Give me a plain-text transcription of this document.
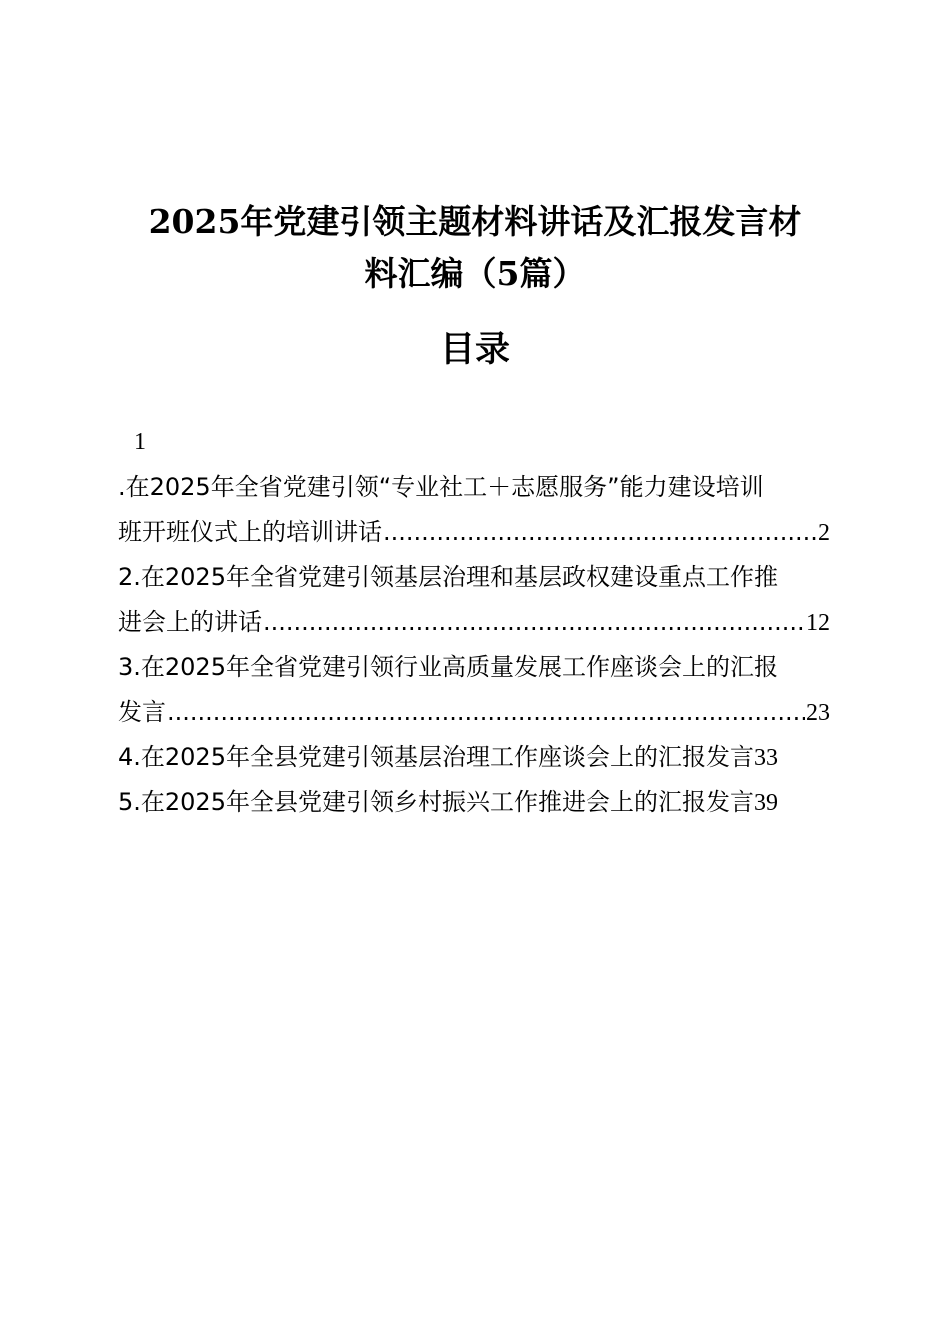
2025年党建引领主题材料讲话及汇报发言材
料汇编（5篇）
目录
1
.在2025年全省党建引领“专业社工＋志愿服务”能力建设培训
班开班仪式上的培训讲话 .....	2
2.在2025年全省党建引领基层治理和基层政权建设重点工作推
进会上的讲话 .....	12
3.在2025年全省党建引领行业高质量发展工作座谈会上的汇报
发言 .....	23
4.在2025年全县党建引领基层治理工作座谈会上的汇报发言 33
5.在2025年全县党建引领乡村振兴工作推进会上的汇报发言 39
